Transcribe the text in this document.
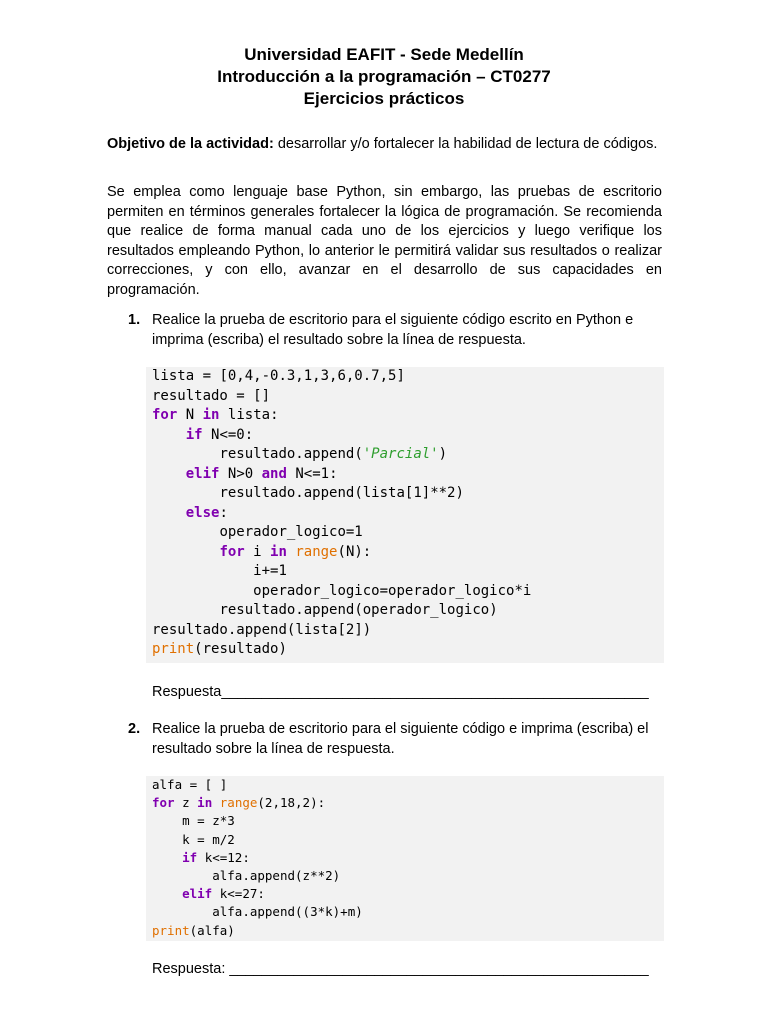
Universidad EAFIT - Sede Medellín
Introducción a la programación – CT0277
Ejercicios prácticos
Objetivo de la actividad: desarrollar y/o fortalecer la habilidad de lectura de códigos.
Se emplea como lenguaje base Python, sin embargo, las pruebas de escritorio permiten en términos generales fortalecer la lógica de programación. Se recomienda que realice de forma manual cada uno de los ejercicios y luego verifique los resultados empleando Python, lo anterior le permitirá validar sus resultados o realizar correcciones, y con ello, avanzar en el desarrollo de sus capacidades en programación.
1. Realice la prueba de escritorio para el siguiente código escrito en Python e imprima (escriba) el resultado sobre la línea de respuesta.
lista = [0,4,-0.3,1,3,6,0.7,5]
resultado = []
for N in lista:
if N<=0:
resultado.append('Parcial')
elif N>0 and N<=1:
resultado.append(lista[1]**2)
else:
operador_logico=1
for i in range(N):
i+=1
operador_logico=operador_logico*i
resultado.append(operador_logico)
resultado.append(lista[2])
print(resultado)
Respuesta_____________________________________________________
2. Realice la prueba de escritorio para el siguiente código e imprima (escriba) el resultado sobre la línea de respuesta.
alfa = [ ]
for z in range(2,18,2):
m = z*3
k = m/2
if k<=12:
alfa.append(z**2)
elif k<=27:
alfa.append((3*k)+m)
print(alfa)
Respuesta: ____________________________________________________
